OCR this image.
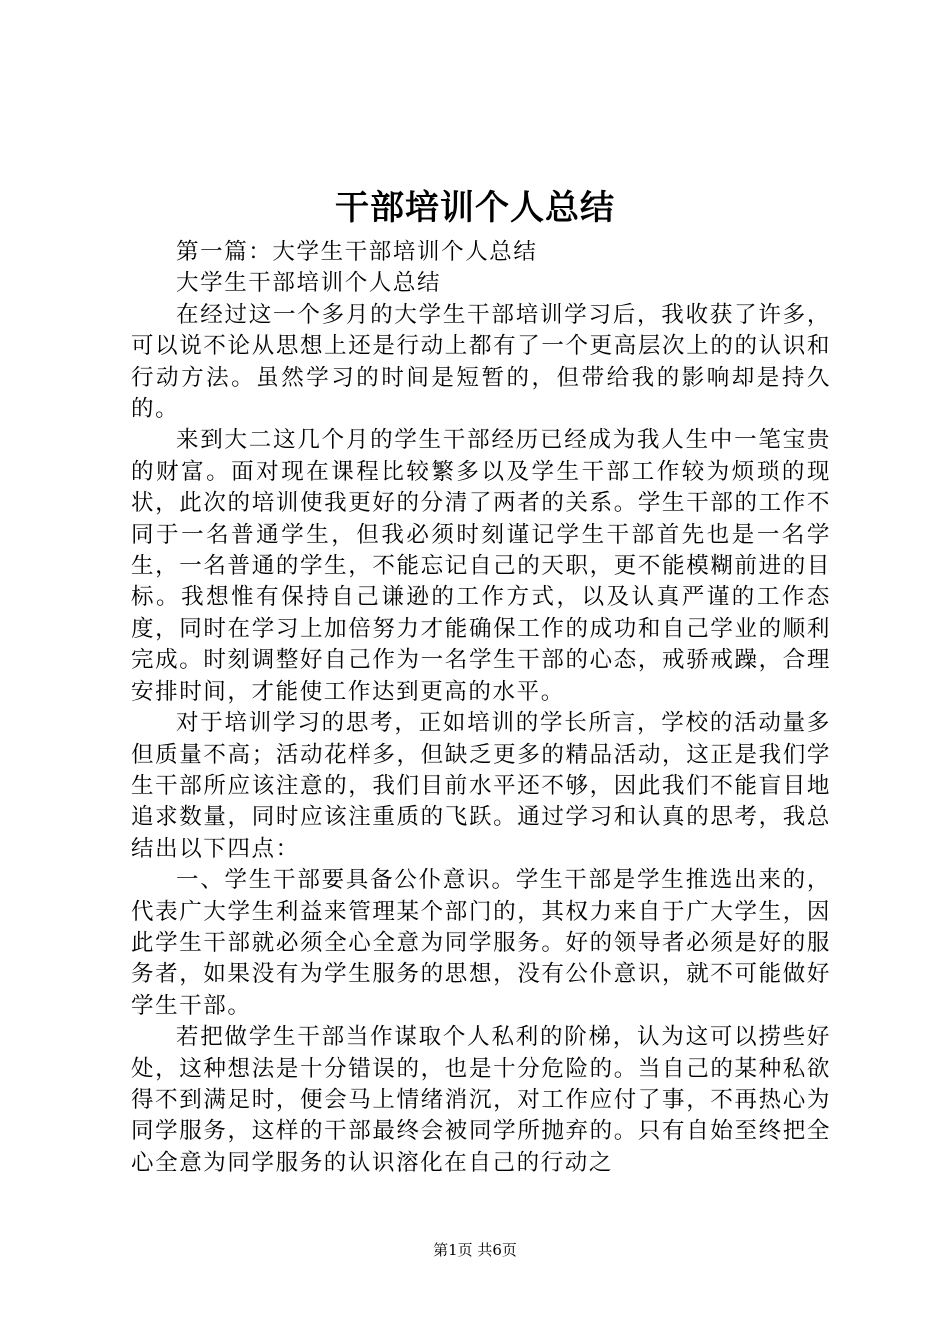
干部培训个人总结

第一篇：大学生干部培训个人总结

大学生干部培训个人总结

在经过这一个多月的大学生干部培训学习后，我收获了许多，可以说不论从思想上还是行动上都有了一个更高层次上的的认识和行动方法。虽然学习的时间是短暂的，但带给我的影响却是持久的。

来到大二这几个月的学生干部经历已经成为我人生中一笔宝贵的财富。面对现在课程比较繁多以及学生干部工作较为烦琐的现状，此次的培训使我更好的分清了两者的关系。学生干部的工作不同于一名普通学生，但我必须时刻谨记学生干部首先也是一名学生，一名普通的学生，不能忘记自己的天职，更不能模糊前进的目标。我想惟有保持自己谦逊的工作方式，以及认真严谨的工作态度，同时在学习上加倍努力才能确保工作的成功和自己学业的顺利完成。时刻调整好自己作为一名学生干部的心态，戒骄戒躁，合理安排时间，才能使工作达到更高的水平。

对于培训学习的思考，正如培训的学长所言，学校的活动量多但质量不高；活动花样多，但缺乏更多的精品活动，这正是我们学生干部所应该注意的，我们目前水平还不够，因此我们不能盲目地追求数量，同时应该注重质的飞跃。通过学习和认真的思考，我总结出以下四点：

一、学生干部要具备公仆意识。学生干部是学生推选出来的，代表广大学生利益来管理某个部门的，其权力来自于广大学生，因此学生干部就必须全心全意为同学服务。好的领导者必须是好的服务者，如果没有为学生服务的思想，没有公仆意识，就不可能做好学生干部。

若把做学生干部当作谋取个人私利的阶梯，认为这可以捞些好处，这种想法是十分错误的，也是十分危险的。当自己的某种私欲得不到满足时，便会马上情绪消沉，对工作应付了事，不再热心为同学服务，这样的干部最终会被同学所抛弃的。只有自始至终把全心全意为同学服务的认识溶化在自己的行动之

第1页 共6页
